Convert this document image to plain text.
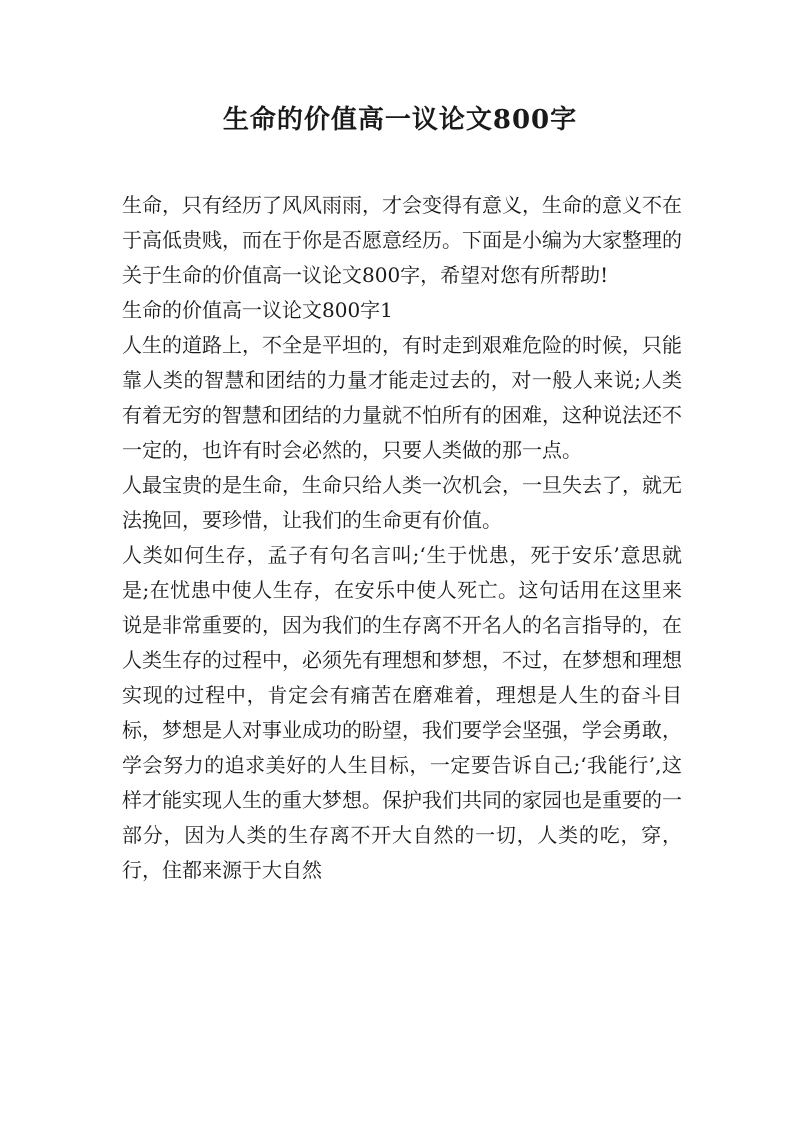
生命的价值高一议论文800字

生命，只有经历了风风雨雨，才会变得有意义，生命的意义不在于高低贵贱，而在于你是否愿意经历。下面是小编为大家整理的关于生命的价值高一议论文800字，希望对您有所帮助!

生命的价值高一议论文800字1

人生的道路上，不全是平坦的，有时走到艰难危险的时候，只能靠人类的智慧和团结的力量才能走过去的，对一般人来说;人类有着无穷的智慧和团结的力量就不怕所有的困难，这种说法还不一定的，也许有时会必然的，只要人类做的那一点。

人最宝贵的是生命，生命只给人类一次机会，一旦失去了，就无法挽回，要珍惜，让我们的生命更有价值。

人类如何生存，孟子有句名言叫;‘生于忧患，死于安乐’意思就是;在忧患中使人生存，在安乐中使人死亡。这句话用在这里来说是非常重要的，因为我们的生存离不开名人的名言指导的，在人类生存的过程中，必须先有理想和梦想，不过，在梦想和理想实现的过程中，肯定会有痛苦在磨难着，理想是人生的奋斗目标，梦想是人对事业成功的盼望，我们要学会坚强，学会勇敢，学会努力的追求美好的人生目标，一定要告诉自己;‘我能行’,这样才能实现人生的重大梦想。保护我们共同的家园也是重要的一部分，因为人类的生存离不开大自然的一切，人类的吃，穿，行，住都来源于大自然
